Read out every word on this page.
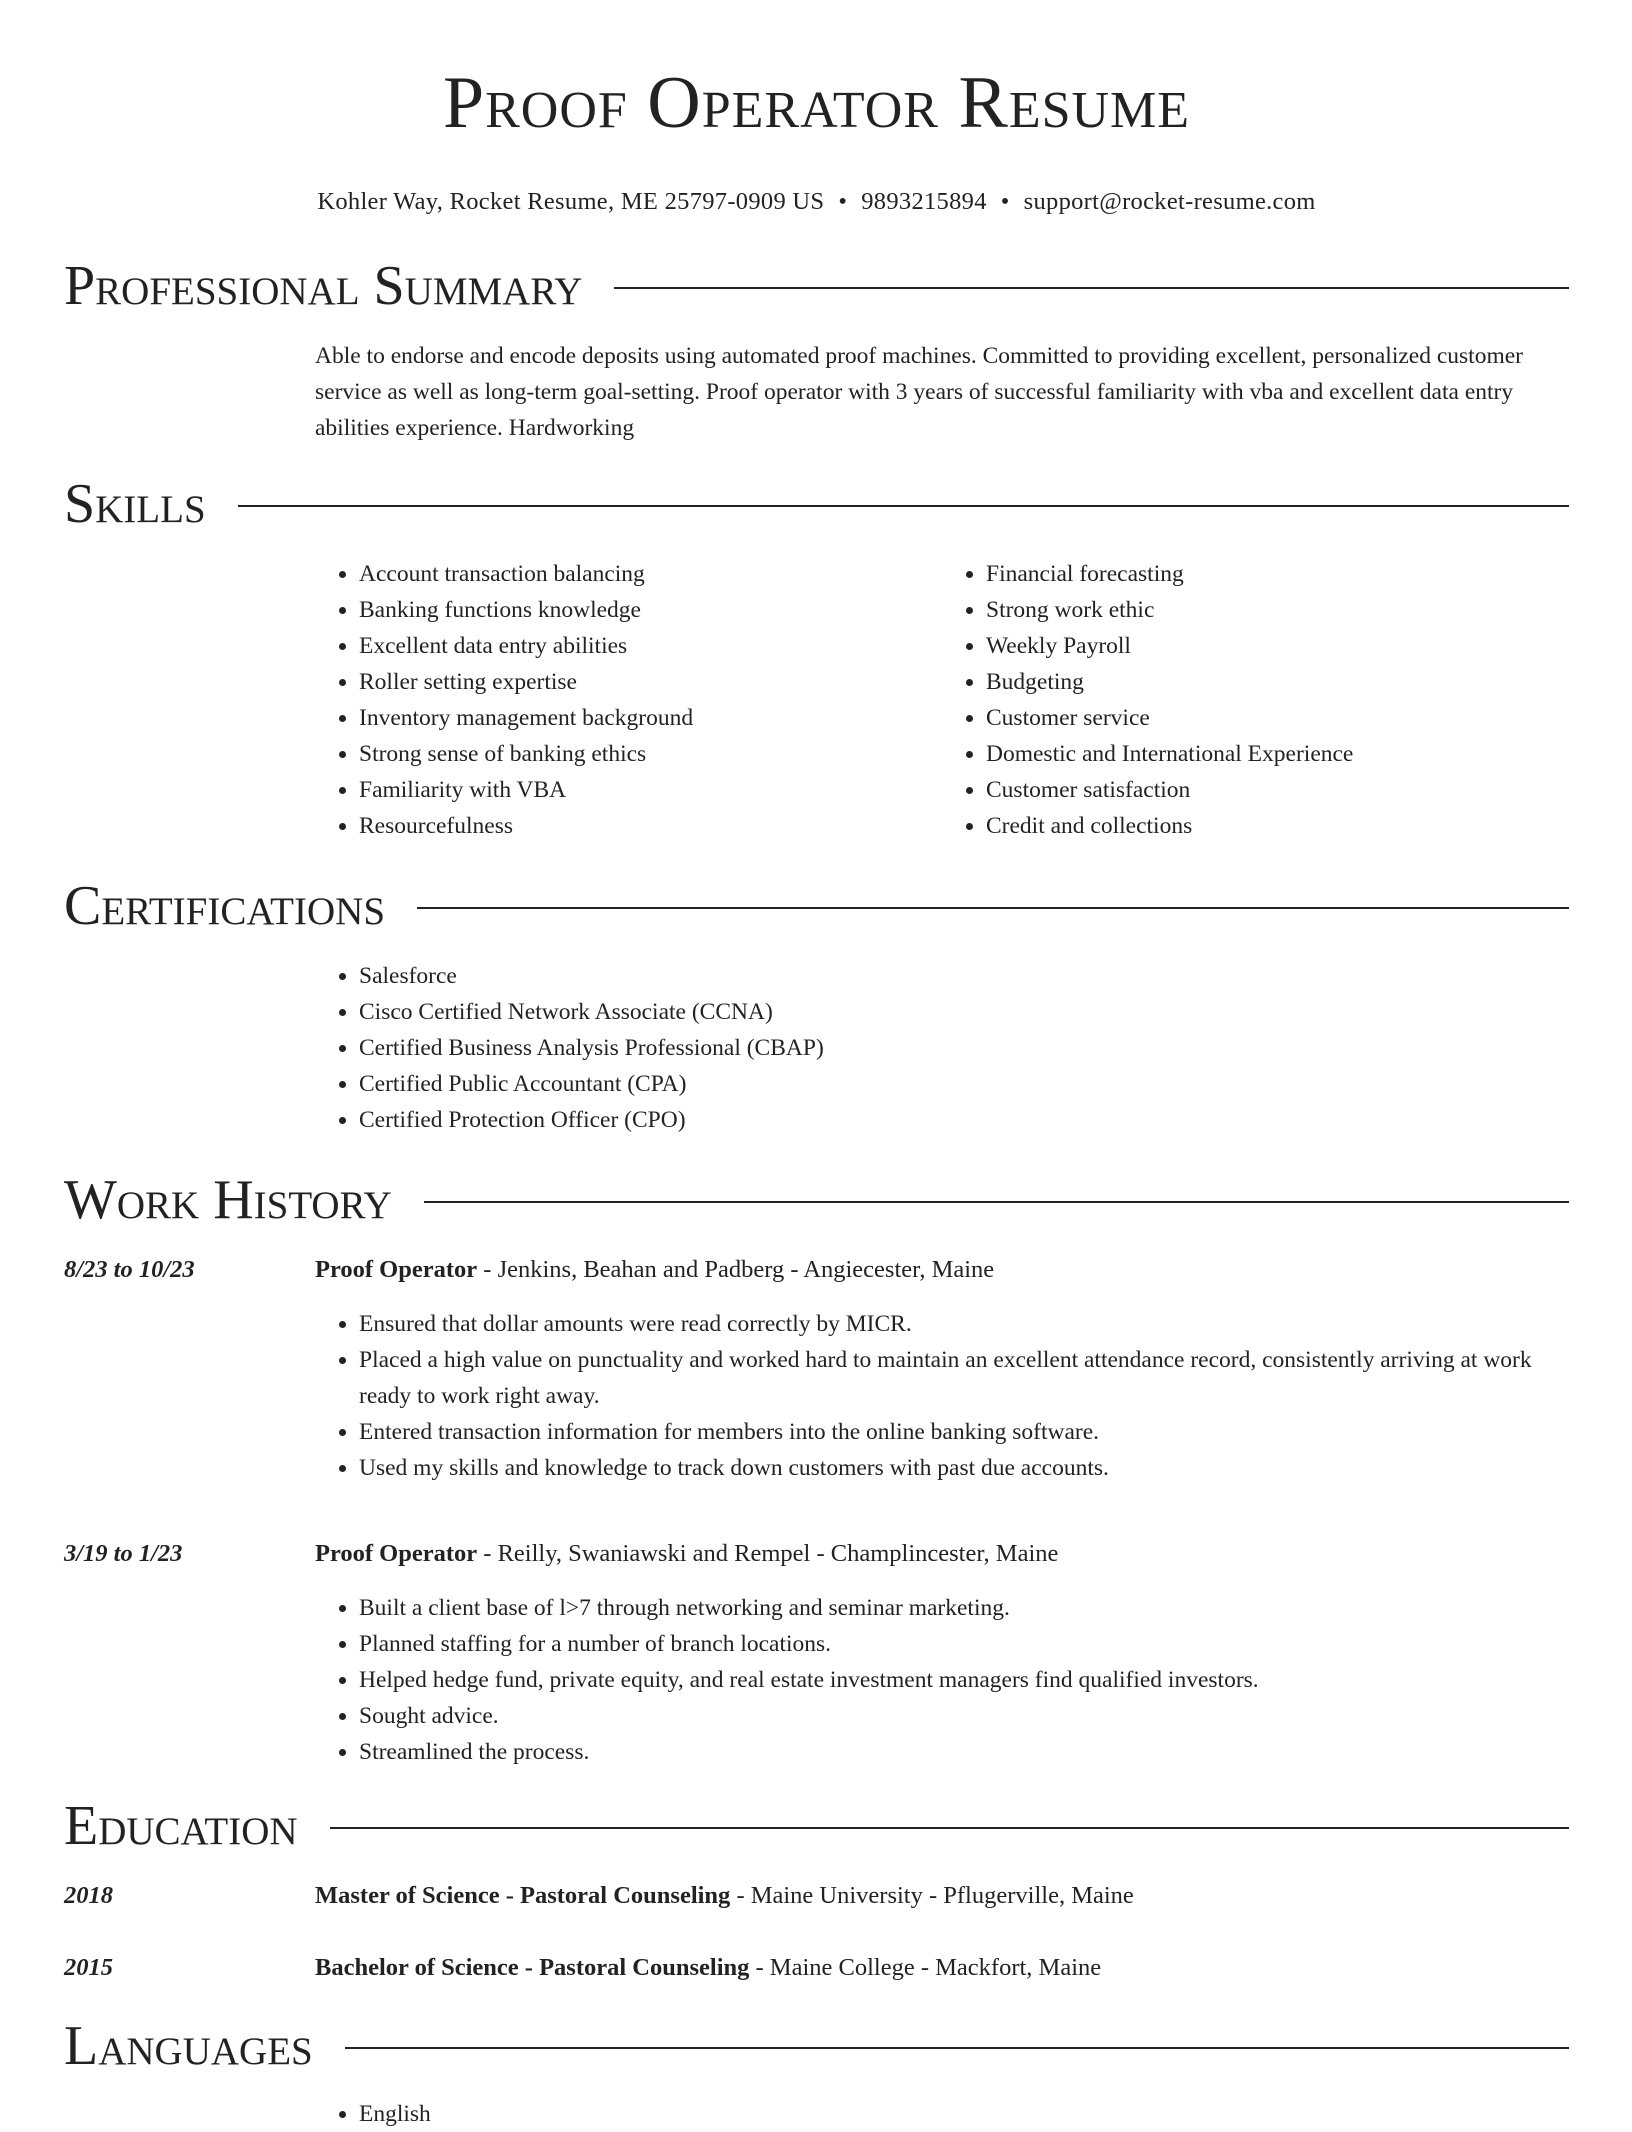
Proof Operator Resume
Kohler Way, Rocket Resume, ME 25797-0909 US • 9893215894 • support@rocket-resume.com
Professional Summary
Able to endorse and encode deposits using automated proof machines. Committed to providing excellent, personalized customer service as well as long-term goal-setting. Proof operator with 3 years of successful familiarity with vba and excellent data entry abilities experience. Hardworking
Skills
• Account transaction balancing
• Banking functions knowledge
• Excellent data entry abilities
• Roller setting expertise
• Inventory management background
• Strong sense of banking ethics
• Familiarity with VBA
• Resourcefulness
• Financial forecasting
• Strong work ethic
• Weekly Payroll
• Budgeting
• Customer service
• Domestic and International Experience
• Customer satisfaction
• Credit and collections
Certifications
• Salesforce
• Cisco Certified Network Associate (CCNA)
• Certified Business Analysis Professional (CBAP)
• Certified Public Accountant (CPA)
• Certified Protection Officer (CPO)
Work History
8/23 to 10/23	Proof Operator - Jenkins, Beahan and Padberg - Angiecester, Maine
• Ensured that dollar amounts were read correctly by MICR.
• Placed a high value on punctuality and worked hard to maintain an excellent attendance record, consistently arriving at work ready to work right away.
• Entered transaction information for members into the online banking software.
• Used my skills and knowledge to track down customers with past due accounts.
3/19 to 1/23	Proof Operator - Reilly, Swaniawski and Rempel - Champlincester, Maine
• Built a client base of l>7 through networking and seminar marketing.
• Planned staffing for a number of branch locations.
• Helped hedge fund, private equity, and real estate investment managers find qualified investors.
• Sought advice.
• Streamlined the process.
Education
2018	Master of Science - Pastoral Counseling - Maine University - Pflugerville, Maine
2015	Bachelor of Science - Pastoral Counseling - Maine College - Mackfort, Maine
Languages
• English
